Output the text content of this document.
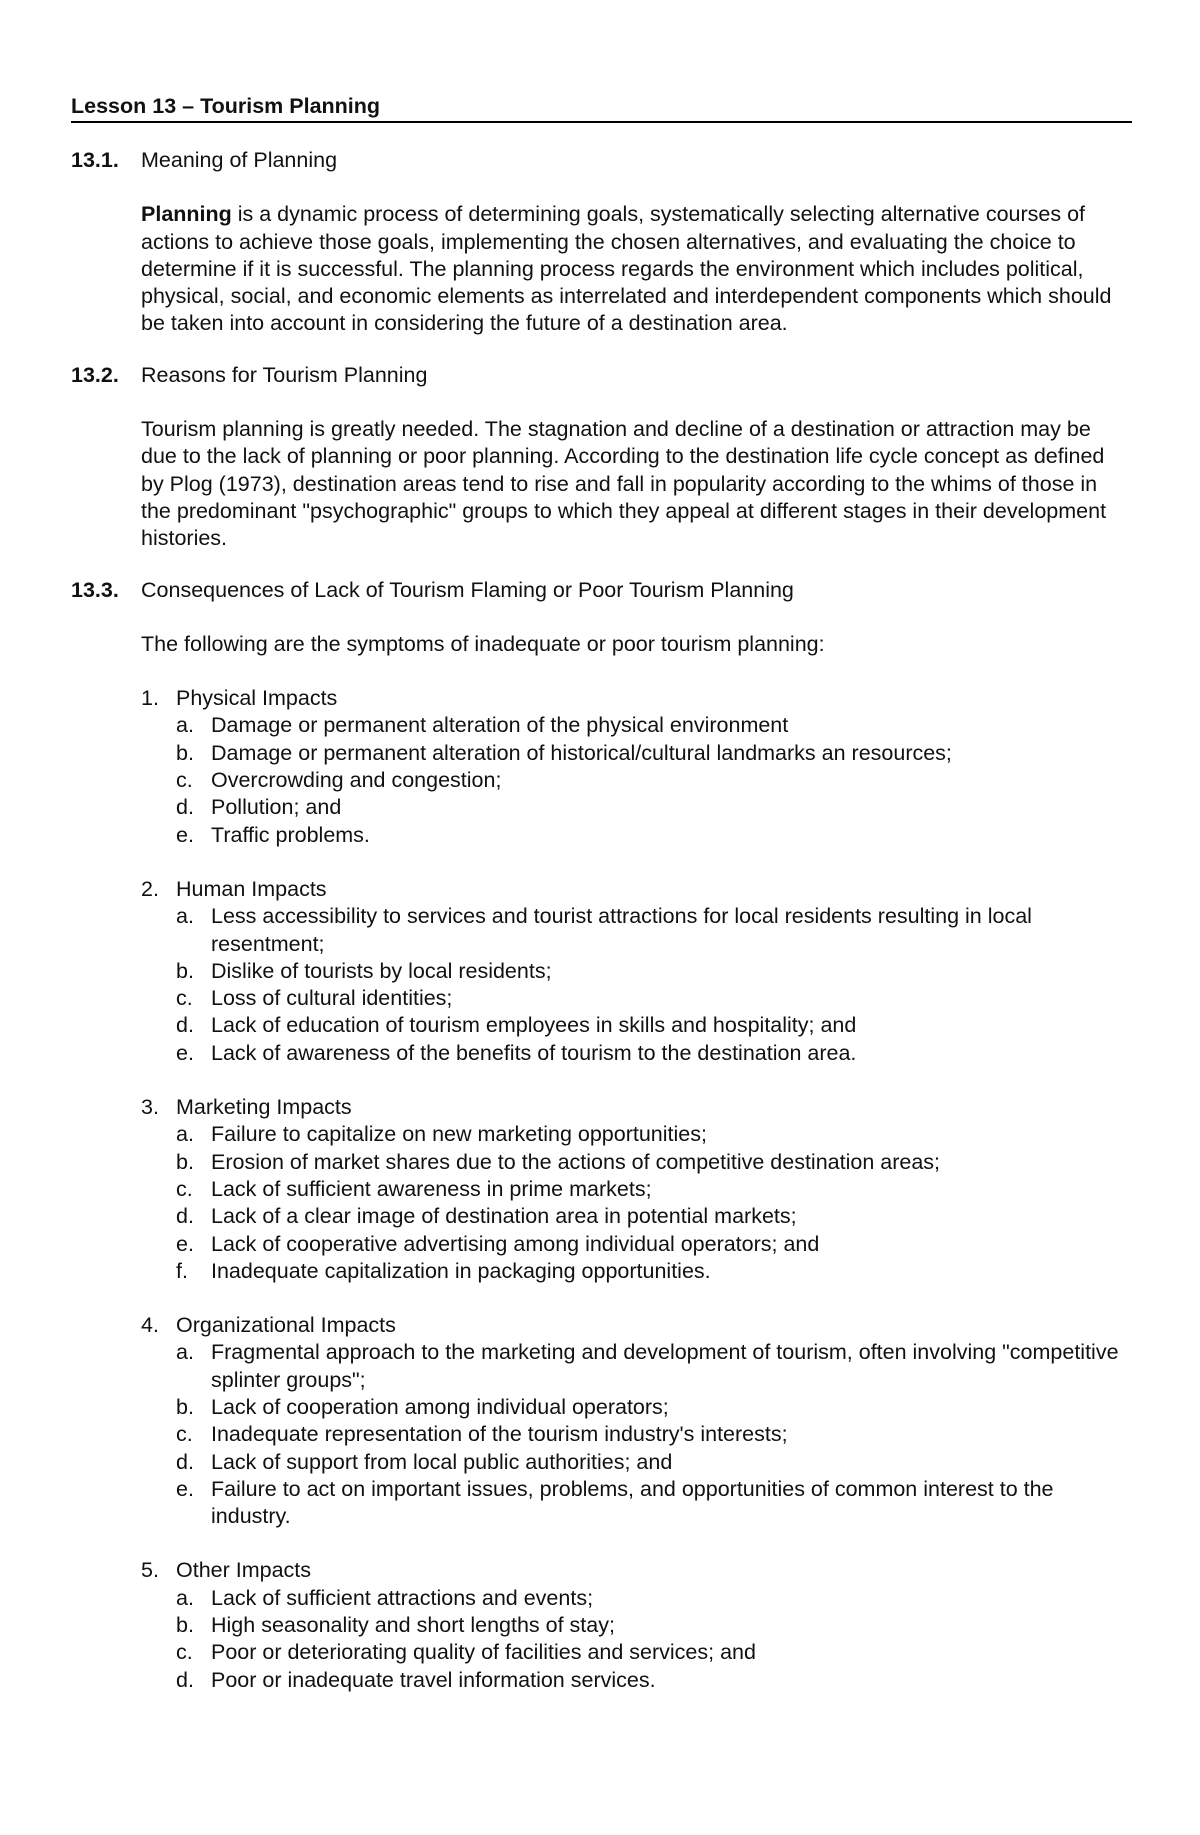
Lesson 13 – Tourism Planning
13.1. Meaning of Planning

Planning is a dynamic process of determining goals, systematically selecting alternative courses of actions to achieve those goals, implementing the chosen alternatives, and evaluating the choice to determine if it is successful. The planning process regards the environment which includes political, physical, social, and economic elements as interrelated and interdependent components which should be taken into account in considering the future of a destination area.

13.2. Reasons for Tourism Planning

Tourism planning is greatly needed. The stagnation and decline of a destination or attraction may be due to the lack of planning or poor planning. According to the destination life cycle concept as defined by Plog (1973), destination areas tend to rise and fall in popularity according to the whims of those in the predominant "psychographic" groups to which they appeal at different stages in their development histories.

13.3. Consequences of Lack of Tourism Flaming or Poor Tourism Planning

The following are the symptoms of inadequate or poor tourism planning:

1. Physical Impacts
a. Damage or permanent alteration of the physical environment
b. Damage or permanent alteration of historical/cultural landmarks an resources;
c. Overcrowding and congestion;
d. Pollution; and
e. Traffic problems.
2. Human Impacts
a. Less accessibility to services and tourist attractions for local residents resulting in local resentment;
b. Dislike of tourists by local residents;
c. Loss of cultural identities;
d. Lack of education of tourism employees in skills and hospitality; and
e. Lack of awareness of the benefits of tourism to the destination area.
3. Marketing Impacts
a. Failure to capitalize on new marketing opportunities;
b. Erosion of market shares due to the actions of competitive destination areas;
c. Lack of sufficient awareness in prime markets;
d. Lack of a clear image of destination area in potential markets;
e. Lack of cooperative advertising among individual operators; and
f. Inadequate capitalization in packaging opportunities.
4. Organizational Impacts
a. Fragmental approach to the marketing and development of tourism, often involving "competitive splinter groups";
b. Lack of cooperation among individual operators;
c. Inadequate representation of the tourism industry's interests;
d. Lack of support from local public authorities; and
e. Failure to act on important issues, problems, and opportunities of common interest to the industry.
5. Other Impacts
a. Lack of sufficient attractions and events;
b. High seasonality and short lengths of stay;
c. Poor or deteriorating quality of facilities and services; and
d. Poor or inadequate travel information services.
